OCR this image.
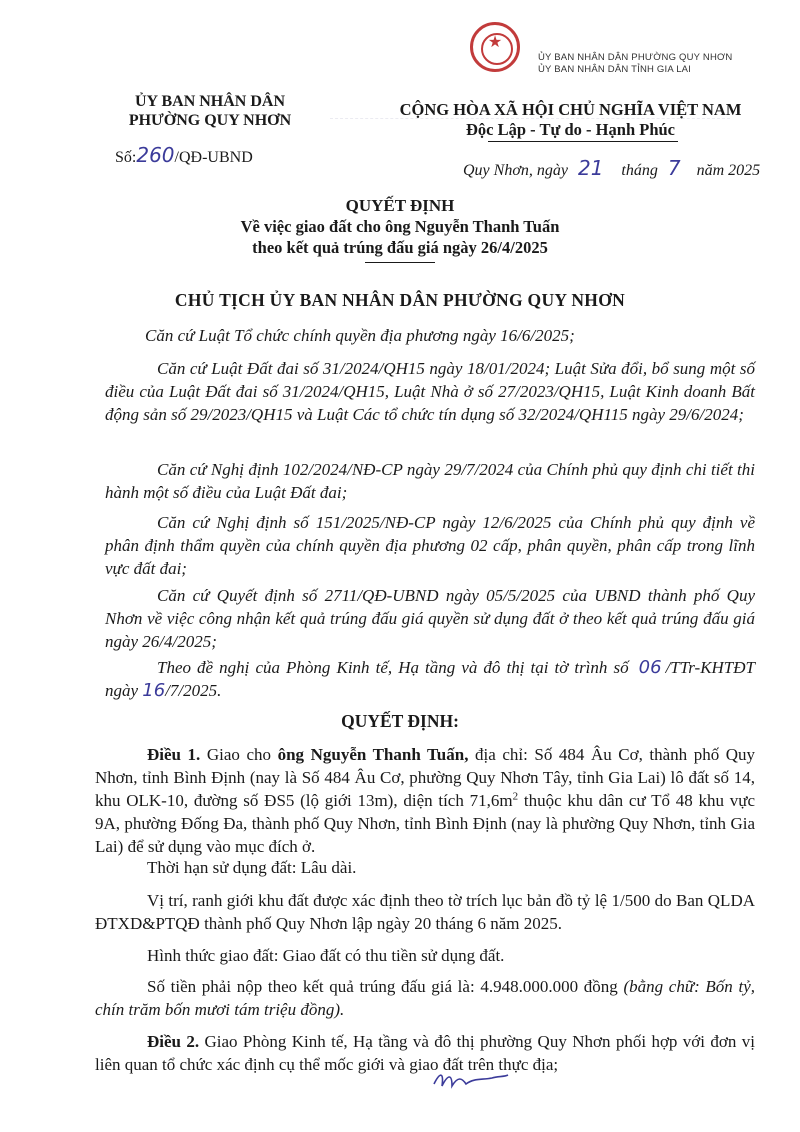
★
ỦY BAN NHÂN DÂN PHƯỜNG QUY NHƠN
ỦY BAN NHÂN DÂN TỈNH GIA LAI
ỦY BAN NHÂN DÂN
PHƯỜNG QUY NHƠN
Số:260/QĐ-UBND
CỘNG HÒA XÃ HỘI CHỦ NGHĨA VIỆT NAM
Độc Lập - Tự do - Hạnh Phúc
Quy Nhơn, ngày 21 tháng 7 năm 2025
QUYẾT ĐỊNH
Về việc giao đất cho ông Nguyễn Thanh Tuấn
theo kết quả trúng đấu giá ngày 26/4/2025
CHỦ TỊCH ỦY BAN NHÂN DÂN PHƯỜNG QUY NHƠN

Căn cứ Luật Tổ chức chính quyền địa phương ngày 16/6/2025;

Căn cứ Luật Đất đai số 31/2024/QH15 ngày 18/01/2024; Luật Sửa đổi, bổ sung một số điều của Luật Đất đai số 31/2024/QH15, Luật Nhà ở số 27/2023/QH15, Luật Kinh doanh Bất động sản số 29/2023/QH15 và Luật Các tổ chức tín dụng số 32/2024/QH115 ngày 29/6/2024;

Căn cứ Nghị định 102/2024/NĐ-CP ngày 29/7/2024 của Chính phủ quy định chi tiết thi hành một số điều của Luật Đất đai;

Căn cứ Nghị định số 151/2025/NĐ-CP ngày 12/6/2025 của Chính phủ quy định về phân định thẩm quyền của chính quyền địa phương 02 cấp, phân quyền, phân cấp trong lĩnh vực đất đai;

Căn cứ Quyết định số 2711/QĐ-UBND ngày 05/5/2025 của UBND thành phố Quy Nhơn về việc công nhận kết quả trúng đấu giá quyền sử dụng đất ở theo kết quả trúng đấu giá ngày 26/4/2025;

Theo đề nghị của Phòng Kinh tế, Hạ tầng và đô thị tại tờ trình số 06 /TTr-KHTĐT ngày 16/7/2025.

QUYẾT ĐỊNH:

Điều 1. Giao cho ông Nguyễn Thanh Tuấn, địa chỉ: Số 484 Âu Cơ, thành phố Quy Nhơn, tỉnh Bình Định (nay là Số 484 Âu Cơ, phường Quy Nhơn Tây, tỉnh Gia Lai) lô đất số 14, khu OLK-10, đường số ĐS5 (lộ giới 13m), diện tích $71,6m^2$ thuộc khu dân cư Tổ 48 khu vực 9A, phường Đống Đa, thành phố Quy Nhơn, tỉnh Bình Định (nay là phường Quy Nhơn, tỉnh Gia Lai) để sử dụng vào mục đích ở.

Thời hạn sử dụng đất: Lâu dài.

Vị trí, ranh giới khu đất được xác định theo tờ trích lục bản đồ tỷ lệ 1/500 do Ban QLDA ĐTXD&PTQĐ thành phố Quy Nhơn lập ngày 20 tháng 6 năm 2025.

Hình thức giao đất: Giao đất có thu tiền sử dụng đất.

Số tiền phải nộp theo kết quả trúng đấu giá là: 4.948.000.000 đồng (bằng chữ: Bốn tỷ, chín trăm bốn mươi tám triệu đồng).

Điều 2. Giao Phòng Kinh tế, Hạ tầng và đô thị phường Quy Nhơn phối hợp với đơn vị liên quan tổ chức xác định cụ thể mốc giới và giao đất trên thực địa;
